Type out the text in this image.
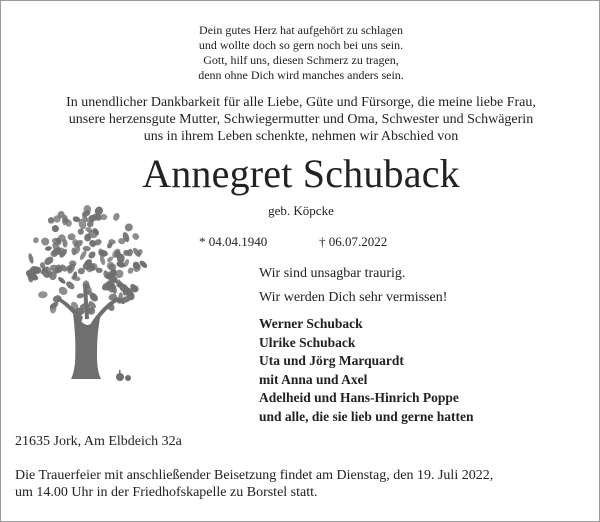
Dein gutes Herz hat aufgehört zu schlagen
und wollte doch so gern noch bei uns sein.
Gott, hilf uns, diesen Schmerz zu tragen,
denn ohne Dich wird manches anders sein.
In unendlicher Dankbarkeit für alle Liebe, Güte und Fürsorge, die meine liebe Frau,
unsere herzensgute Mutter, Schwiegermutter und Oma, Schwester und Schwägerin
uns in ihrem Leben schenkte, nehmen wir Abschied von
Annegret Schuback
geb. Köpcke
* 04.04.1940	† 06.07.2022
Wir sind unsagbar traurig.
Wir werden Dich sehr vermissen!
Werner Schuback
Ulrike Schuback
Uta und Jörg Marquardt
mit Anna und Axel
Adelheid und Hans-Hinrich Poppe
und alle, die sie lieb und gerne hatten
21635 Jork, Am Elbdeich 32a
Die Trauerfeier mit anschließender Beisetzung findet am Dienstag, den 19. Juli 2022,
um 14.00 Uhr in der Friedhofskapelle zu Borstel statt.
